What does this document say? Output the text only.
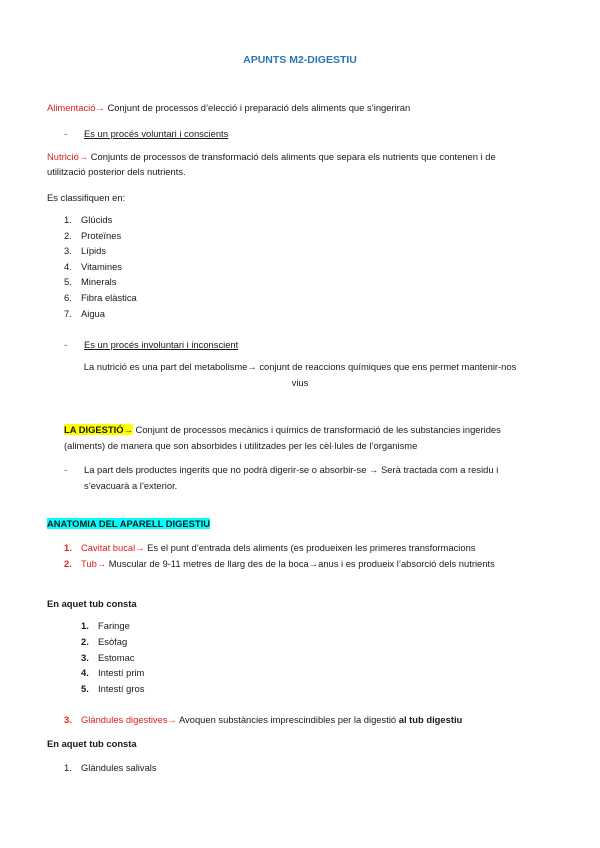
APUNTS M2-DIGESTIU
Alimentació→ Conjunt de processos d’elecció i preparació dels aliments que s’ingeriran
- Es un procés voluntari i conscients
Nutrició→ Conjunts de processos de transformació dels aliments que separa els nutrients que contenen i de
utilització posterior dels nutrients.
Es classifiquen en:
1. Glúcids
2. Proteïnes
3. Lípids
4. Vitamines
5. Minerals
6. Fibra elàstica
7. Aigua
- Es un procés involuntari i inconscient
La nutrició es una part del metabolisme→ conjunt de reaccions químiques que ens permet mantenir-nos
vius
LA DIGESTIÓ→ Conjunt de processos mecànics i químics de transformació de les substancies ingerides
(aliments) de manera que son absorbides i utilitzades per les cèl·lules de l’organisme
- La part dels productes ingerits que no podrà digerir-se o absorbir-se → Serà tractada com a residu i
s’evacuarà a l’exterior.
ANATOMIA DEL APARELL DIGESTIU
1. Cavitat bucal→ Es el punt d’entrada dels aliments (es produeixen les primeres transformacions
2. Tub→ Muscular de 9-11 metres de llarg des de la boca→anus i es produeix l’absorció dels nutrients
En aquet tub consta
1. Faringe
2. Esòfag
3. Estomac
4. Intestí prim
5. Intestí gros
3. Glàndules digestives→ Avoquen substàncies imprescindibles per la digestió al tub digestiu
En aquet tub consta
1. Glàndules salivals
